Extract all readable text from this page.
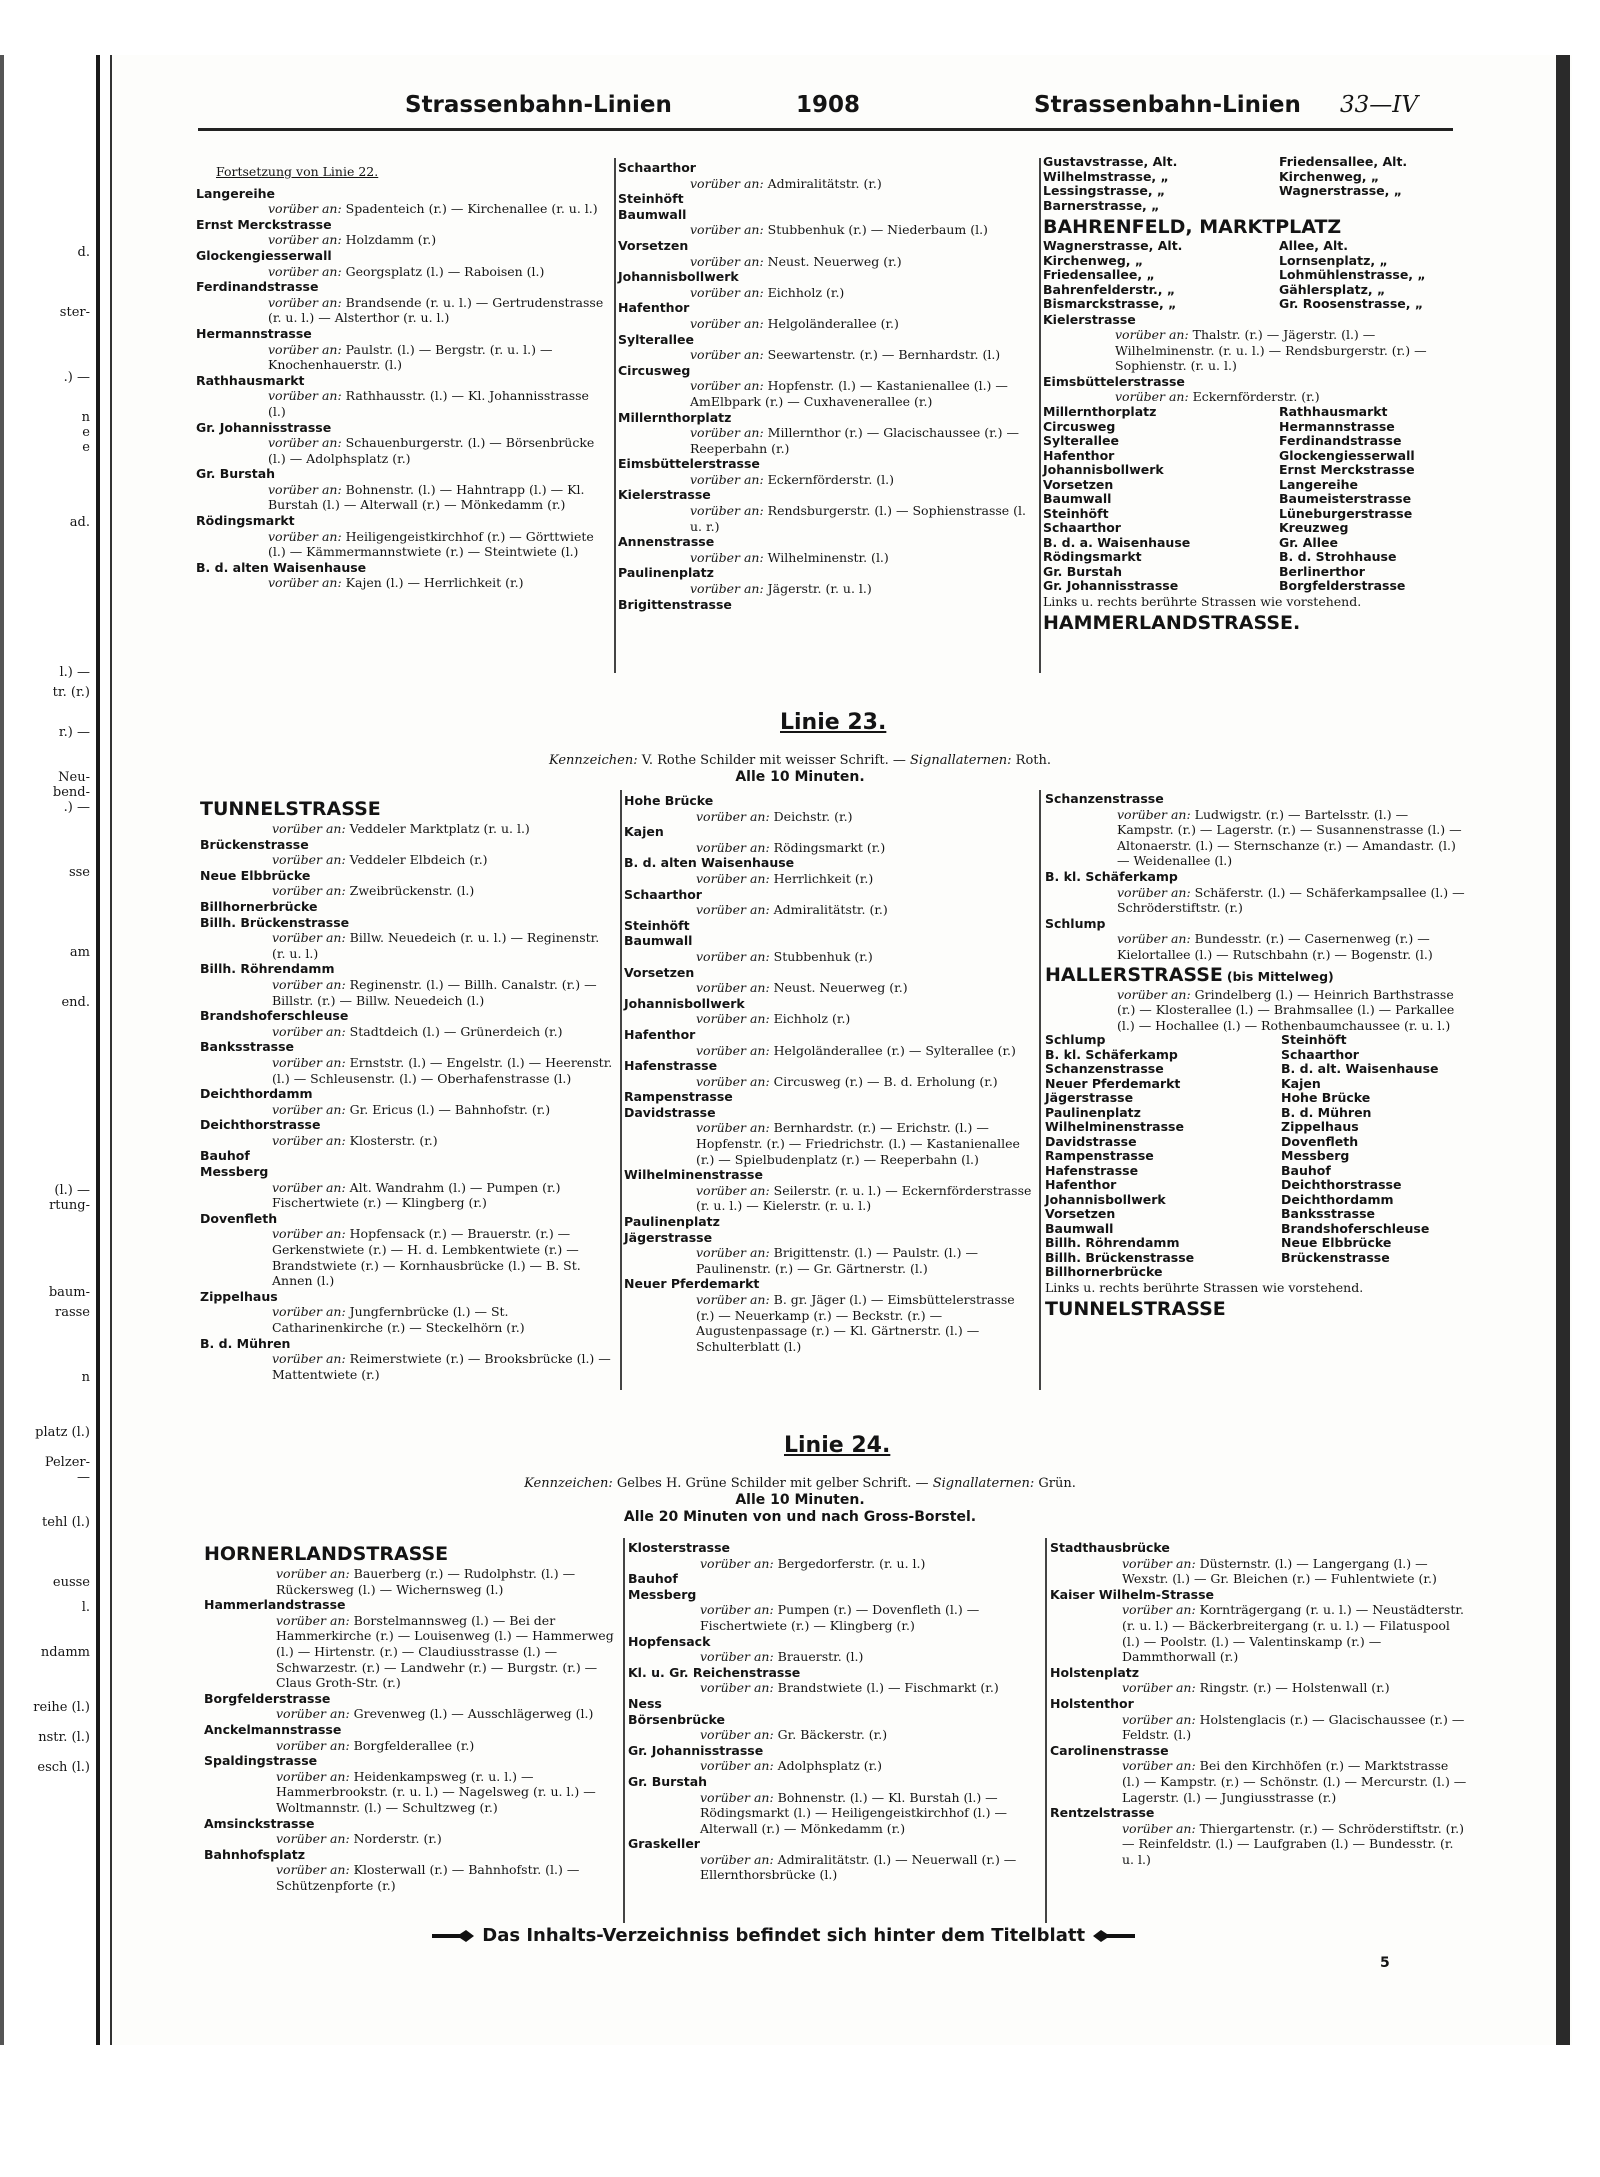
d.
ster-
.) —
n
e
e
ad.
l.) —
tr. (r.)
r.) —
Neu-
bend-
.) —
sse
am
end.
(l.) —
rtung-
baum-
rasse
n
platz (l.)
Pelzer-
—
tehl (l.)
eusse
l.
ndamm
reihe (l.)
nstr. (l.)
esch (l.)
Strassenbahn-Linien	1908	Strassenbahn-Linien 33—IV
Fortsetzung von Linie 22.
Langereihe
vorüber an: Spadenteich (r.) — Kirchenallee (r. u. l.)
Ernst Merckstrasse
vorüber an: Holzdamm (r.)
Glockengiesserwall
vorüber an: Georgsplatz (l.) — Raboisen (l.)
Ferdinandstrasse
vorüber an: Brandsende (r. u. l.) — Gertrudenstrasse (r. u. l.) — Alsterthor (r. u. l.)
Hermannstrasse
vorüber an: Paulstr. (l.) — Bergstr. (r. u. l.) — Knochenhauerstr. (l.)
Rathhausmarkt
vorüber an: Rathhausstr. (l.) — Kl. Johannisstrasse (l.)
Gr. Johannisstrasse
vorüber an: Schauenburgerstr. (l.) — Börsenbrücke (l.) — Adolphsplatz (r.)
Gr. Burstah
vorüber an: Bohnenstr. (l.) — Hahntrapp (l.) — Kl. Burstah (l.) — Alterwall (r.) — Mönkedamm (r.)
Rödingsmarkt
vorüber an: Heiligengeistkirchhof (r.) — Görttwiete (l.) — Kämmermannstwiete (r.) — Steintwiete (l.)
B. d. alten Waisenhause
vorüber an: Kajen (l.) — Herrlichkeit (r.)
Schaarthor
vorüber an: Admiralitätstr. (r.)
Steinhöft
Baumwall
vorüber an: Stubbenhuk (r.) — Niederbaum (l.)
Vorsetzen
vorüber an: Neust. Neuerweg (r.)
Johannisbollwerk
vorüber an: Eichholz (r.)
Hafenthor
vorüber an: Helgoländerallee (r.)
Sylterallee
vorüber an: Seewartenstr. (r.) — Bernhardstr. (l.)
Circusweg
vorüber an: Hopfenstr. (l.) — Kastanienallee (l.) — AmElbpark (r.) — Cuxhavenerallee (r.)
Millernthorplatz
vorüber an: Millernthor (r.) — Glacischaussee (r.) — Reeperbahn (r.)
Eimsbüttelerstrasse
vorüber an: Eckernförderstr. (l.)
Kielerstrasse
vorüber an: Rendsburgerstr. (l.) — Sophienstrasse (l. u. r.)
Annenstrasse
vorüber an: Wilhelminenstr. (l.)
Paulinenplatz
vorüber an: Jägerstr. (r. u. l.)
Brigittenstrasse
Gustavstrasse, Alt.	Friedensallee, Alt.
Wilhelmstrasse, „	Kirchenweg, „
Lessingstrasse, „	Wagnerstrasse, „
Barnerstrasse, „
BAHRENFELD, MARKTPLATZ
Wagnerstrasse, Alt.	Allee, Alt.
Kirchenweg, „	Lornsenplatz, „
Friedensallee, „	Lohmühlenstrasse, „
Bahrenfelderstr., „	Gählersplatz, „
Bismarckstrasse, „	Gr. Roosenstrasse, „
Kielerstrasse
vorüber an: Thalstr. (r.) — Jägerstr. (l.) — Wilhelminenstr. (r. u. l.) — Rendsburgerstr. (r.) — Sophienstr. (r. u. l.)
Eimsbüttelerstrasse
vorüber an: Eckernförderstr. (r.)
Millernthorplatz	Rathhausmarkt
Circusweg	Hermannstrasse
Sylterallee	Ferdinandstrasse
Hafenthor	Glockengiesserwall
Johannisbollwerk	Ernst Merckstrasse
Vorsetzen	Langereihe
Baumwall	Baumeisterstrasse
Steinhöft	Lüneburgerstrasse
Schaarthor	Kreuzweg
B. d. a. Waisenhause	Gr. Allee
Rödingsmarkt	B. d. Strohhause
Gr. Burstah	Berlinerthor
Gr. Johannisstrasse	Borgfelderstrasse
Links u. rechts berührte Strassen wie vorstehend.
HAMMERLANDSTRASSE.
Linie 23.
Kennzeichen: V. Rothe Schilder mit weisser Schrift. — Signallaternen: Roth.
Alle 10 Minuten.
TUNNELSTRASSE
vorüber an: Veddeler Marktplatz (r. u. l.)
Brückenstrasse
vorüber an: Veddeler Elbdeich (r.)
Neue Elbbrücke
vorüber an: Zweibrückenstr. (l.)
Billhornerbrücke
Billh. Brückenstrasse
vorüber an: Billw. Neuedeich (r. u. l.) — Reginenstr. (r. u. l.)
Billh. Röhrendamm
vorüber an: Reginenstr. (l.) — Billh. Canalstr. (r.) — Billstr. (r.) — Billw. Neuedeich (l.)
Brandshoferschleuse
vorüber an: Stadtdeich (l.) — Grünerdeich (r.)
Banksstrasse
vorüber an: Ernststr. (l.) — Engelstr. (l.) — Heerenstr. (l.) — Schleusenstr. (l.) — Oberhafenstrasse (l.)
Deichthordamm
vorüber an: Gr. Ericus (l.) — Bahnhofstr. (r.)
Deichthorstrasse
vorüber an: Klosterstr. (r.)
Bauhof
Messberg
vorüber an: Alt. Wandrahm (l.) — Pumpen (r.) Fischertwiete (r.) — Klingberg (r.)
Dovenfleth
vorüber an: Hopfensack (r.) — Brauerstr. (r.) — Gerkenstwiete (r.) — H. d. Lembkentwiete (r.) — Brandstwiete (r.) — Kornhausbrücke (l.) — B. St. Annen (l.)
Zippelhaus
vorüber an: Jungfernbrücke (l.) — St. Catharinenkirche (r.) — Steckelhörn (r.)
B. d. Mühren
vorüber an: Reimerstwiete (r.) — Brooksbrücke (l.) — Mattentwiete (r.)
Hohe Brücke
vorüber an: Deichstr. (r.)
Kajen
vorüber an: Rödingsmarkt (r.)
B. d. alten Waisenhause
vorüber an: Herrlichkeit (r.)
Schaarthor
vorüber an: Admiralitätstr. (r.)
Steinhöft
Baumwall
vorüber an: Stubbenhuk (r.)
Vorsetzen
vorüber an: Neust. Neuerweg (r.)
Johannisbollwerk
vorüber an: Eichholz (r.)
Hafenthor
vorüber an: Helgoländerallee (r.) — Sylterallee (r.)
Hafenstrasse
vorüber an: Circusweg (r.) — B. d. Erholung (r.)
Rampenstrasse
Davidstrasse
vorüber an: Bernhardstr. (r.) — Erichstr. (l.) — Hopfenstr. (r.) — Friedrichstr. (l.) — Kastanienallee (r.) — Spielbudenplatz (r.) — Reeperbahn (l.)
Wilhelminenstrasse
vorüber an: Seilerstr. (r. u. l.) — Eckernförderstrasse (r. u. l.) — Kielerstr. (r. u. l.)
Paulinenplatz
Jägerstrasse
vorüber an: Brigittenstr. (l.) — Paulstr. (l.) — Paulinenstr. (r.) — Gr. Gärtnerstr. (l.)
Neuer Pferdemarkt
vorüber an: B. gr. Jäger (l.) — Eimsbüttelerstrasse (r.) — Neuerkamp (r.) — Beckstr. (r.) — Augustenpassage (r.) — Kl. Gärtnerstr. (l.) — Schulterblatt (l.)
Schanzenstrasse
vorüber an: Ludwigstr. (r.) — Bartelsstr. (l.) — Kampstr. (r.) — Lagerstr. (r.) — Susannenstrasse (l.) — Altonaerstr. (l.) — Sternschanze (r.) — Amandastr. (l.) — Weidenallee (l.)
B. kl. Schäferkamp
vorüber an: Schäferstr. (l.) — Schäferkampsallee (l.) — Schröderstiftstr. (r.)
Schlump
vorüber an: Bundesstr. (r.) — Casernenweg (r.) — Kielortallee (l.) — Rutschbahn (r.) — Bogenstr. (l.)
HALLERSTRASSE (bis Mittelweg)
vorüber an: Grindelberg (l.) — Heinrich Barthstrasse (r.) — Klosterallee (l.) — Brahmsallee (l.) — Parkallee (l.) — Hochallee (l.) — Rothenbaumchaussee (r. u. l.)
Schlump	Steinhöft
B. kl. Schäferkamp	Schaarthor
Schanzenstrasse	B. d. alt. Waisenhause
Neuer Pferdemarkt	Kajen
Jägerstrasse	Hohe Brücke
Paulinenplatz	B. d. Mühren
Wilhelminenstrasse	Zippelhaus
Davidstrasse	Dovenfleth
Rampenstrasse	Messberg
Hafenstrasse	Bauhof
Hafenthor	Deichthorstrasse
Johannisbollwerk	Deichthordamm
Vorsetzen	Banksstrasse
Baumwall	Brandshoferschleuse
Billh. Röhrendamm	Neue Elbbrücke
Billh. Brückenstrasse	Brückenstrasse
Billhornerbrücke
Links u. rechts berührte Strassen wie vorstehend.
TUNNELSTRASSE
Linie 24.
Kennzeichen: Gelbes H. Grüne Schilder mit gelber Schrift. — Signallaternen: Grün.
Alle 10 Minuten.
Alle 20 Minuten von und nach Gross-Borstel.
HORNERLANDSTRASSE
vorüber an: Bauerberg (r.) — Rudolphstr. (l.) — Rückersweg (l.) — Wichernsweg (l.)
Hammerlandstrasse
vorüber an: Borstelmannsweg (l.) — Bei der Hammerkirche (r.) — Louisenweg (l.) — Hammerweg (l.) — Hirtenstr. (r.) — Claudiusstrasse (l.) — Schwarzestr. (r.) — Landwehr (r.) — Burgstr. (r.) — Claus Groth-Str. (r.)
Borgfelderstrasse
vorüber an: Grevenweg (l.) — Ausschlägerweg (l.)
Anckelmannstrasse
vorüber an: Borgfelderallee (r.)
Spaldingstrasse
vorüber an: Heidenkampsweg (r. u. l.) — Hammerbrookstr. (r. u. l.) — Nagelsweg (r. u. l.) — Woltmannstr. (l.) — Schultzweg (r.)
Amsinckstrasse
vorüber an: Norderstr. (r.)
Bahnhofsplatz
vorüber an: Klosterwall (r.) — Bahnhofstr. (l.) — Schützenpforte (r.)
Klosterstrasse
vorüber an: Bergedorferstr. (r. u. l.)
Bauhof
Messberg
vorüber an: Pumpen (r.) — Dovenfleth (l.) — Fischertwiete (r.) — Klingberg (r.)
Hopfensack
vorüber an: Brauerstr. (l.)
Kl. u. Gr. Reichenstrasse
vorüber an: Brandstwiete (l.) — Fischmarkt (r.)
Ness
Börsenbrücke
vorüber an: Gr. Bäckerstr. (r.)
Gr. Johannisstrasse
vorüber an: Adolphsplatz (r.)
Gr. Burstah
vorüber an: Bohnenstr. (l.) — Kl. Burstah (l.) — Rödingsmarkt (l.) — Heiligengeistkirchhof (l.) — Alterwall (r.) — Mönkedamm (r.)
Graskeller
vorüber an: Admiralitätstr. (l.) — Neuerwall (r.) — Ellernthorsbrücke (l.)
Stadthausbrücke
vorüber an: Düsternstr. (l.) — Langergang (l.) — Wexstr. (l.) — Gr. Bleichen (r.) — Fuhlentwiete (r.)
Kaiser Wilhelm-Strasse
vorüber an: Kornträgergang (r. u. l.) — Neustädterstr. (r. u. l.) — Bäckerbreitergang (r. u. l.) — Filatuspool (l.) — Poolstr. (l.) — Valentinskamp (r.) — Dammthorwall (r.)
Holstenplatz
vorüber an: Ringstr. (r.) — Holstenwall (r.)
Holstenthor
vorüber an: Holstenglacis (r.) — Glacischaussee (r.) — Feldstr. (l.)
Carolinenstrasse
vorüber an: Bei den Kirchhöfen (r.) — Marktstrasse (l.) — Kampstr. (r.) — Schönstr. (l.) — Mercurstr. (l.) — Lagerstr. (l.) — Jungiusstrasse (r.)
Rentzelstrasse
vorüber an: Thiergartenstr. (r.) — Schröderstiftstr. (r.) — Reinfeldstr. (l.) — Laufgraben (l.) — Bundesstr. (r. u. l.)
Das Inhalts-Verzeichniss befindet sich hinter dem Titelblatt
5
